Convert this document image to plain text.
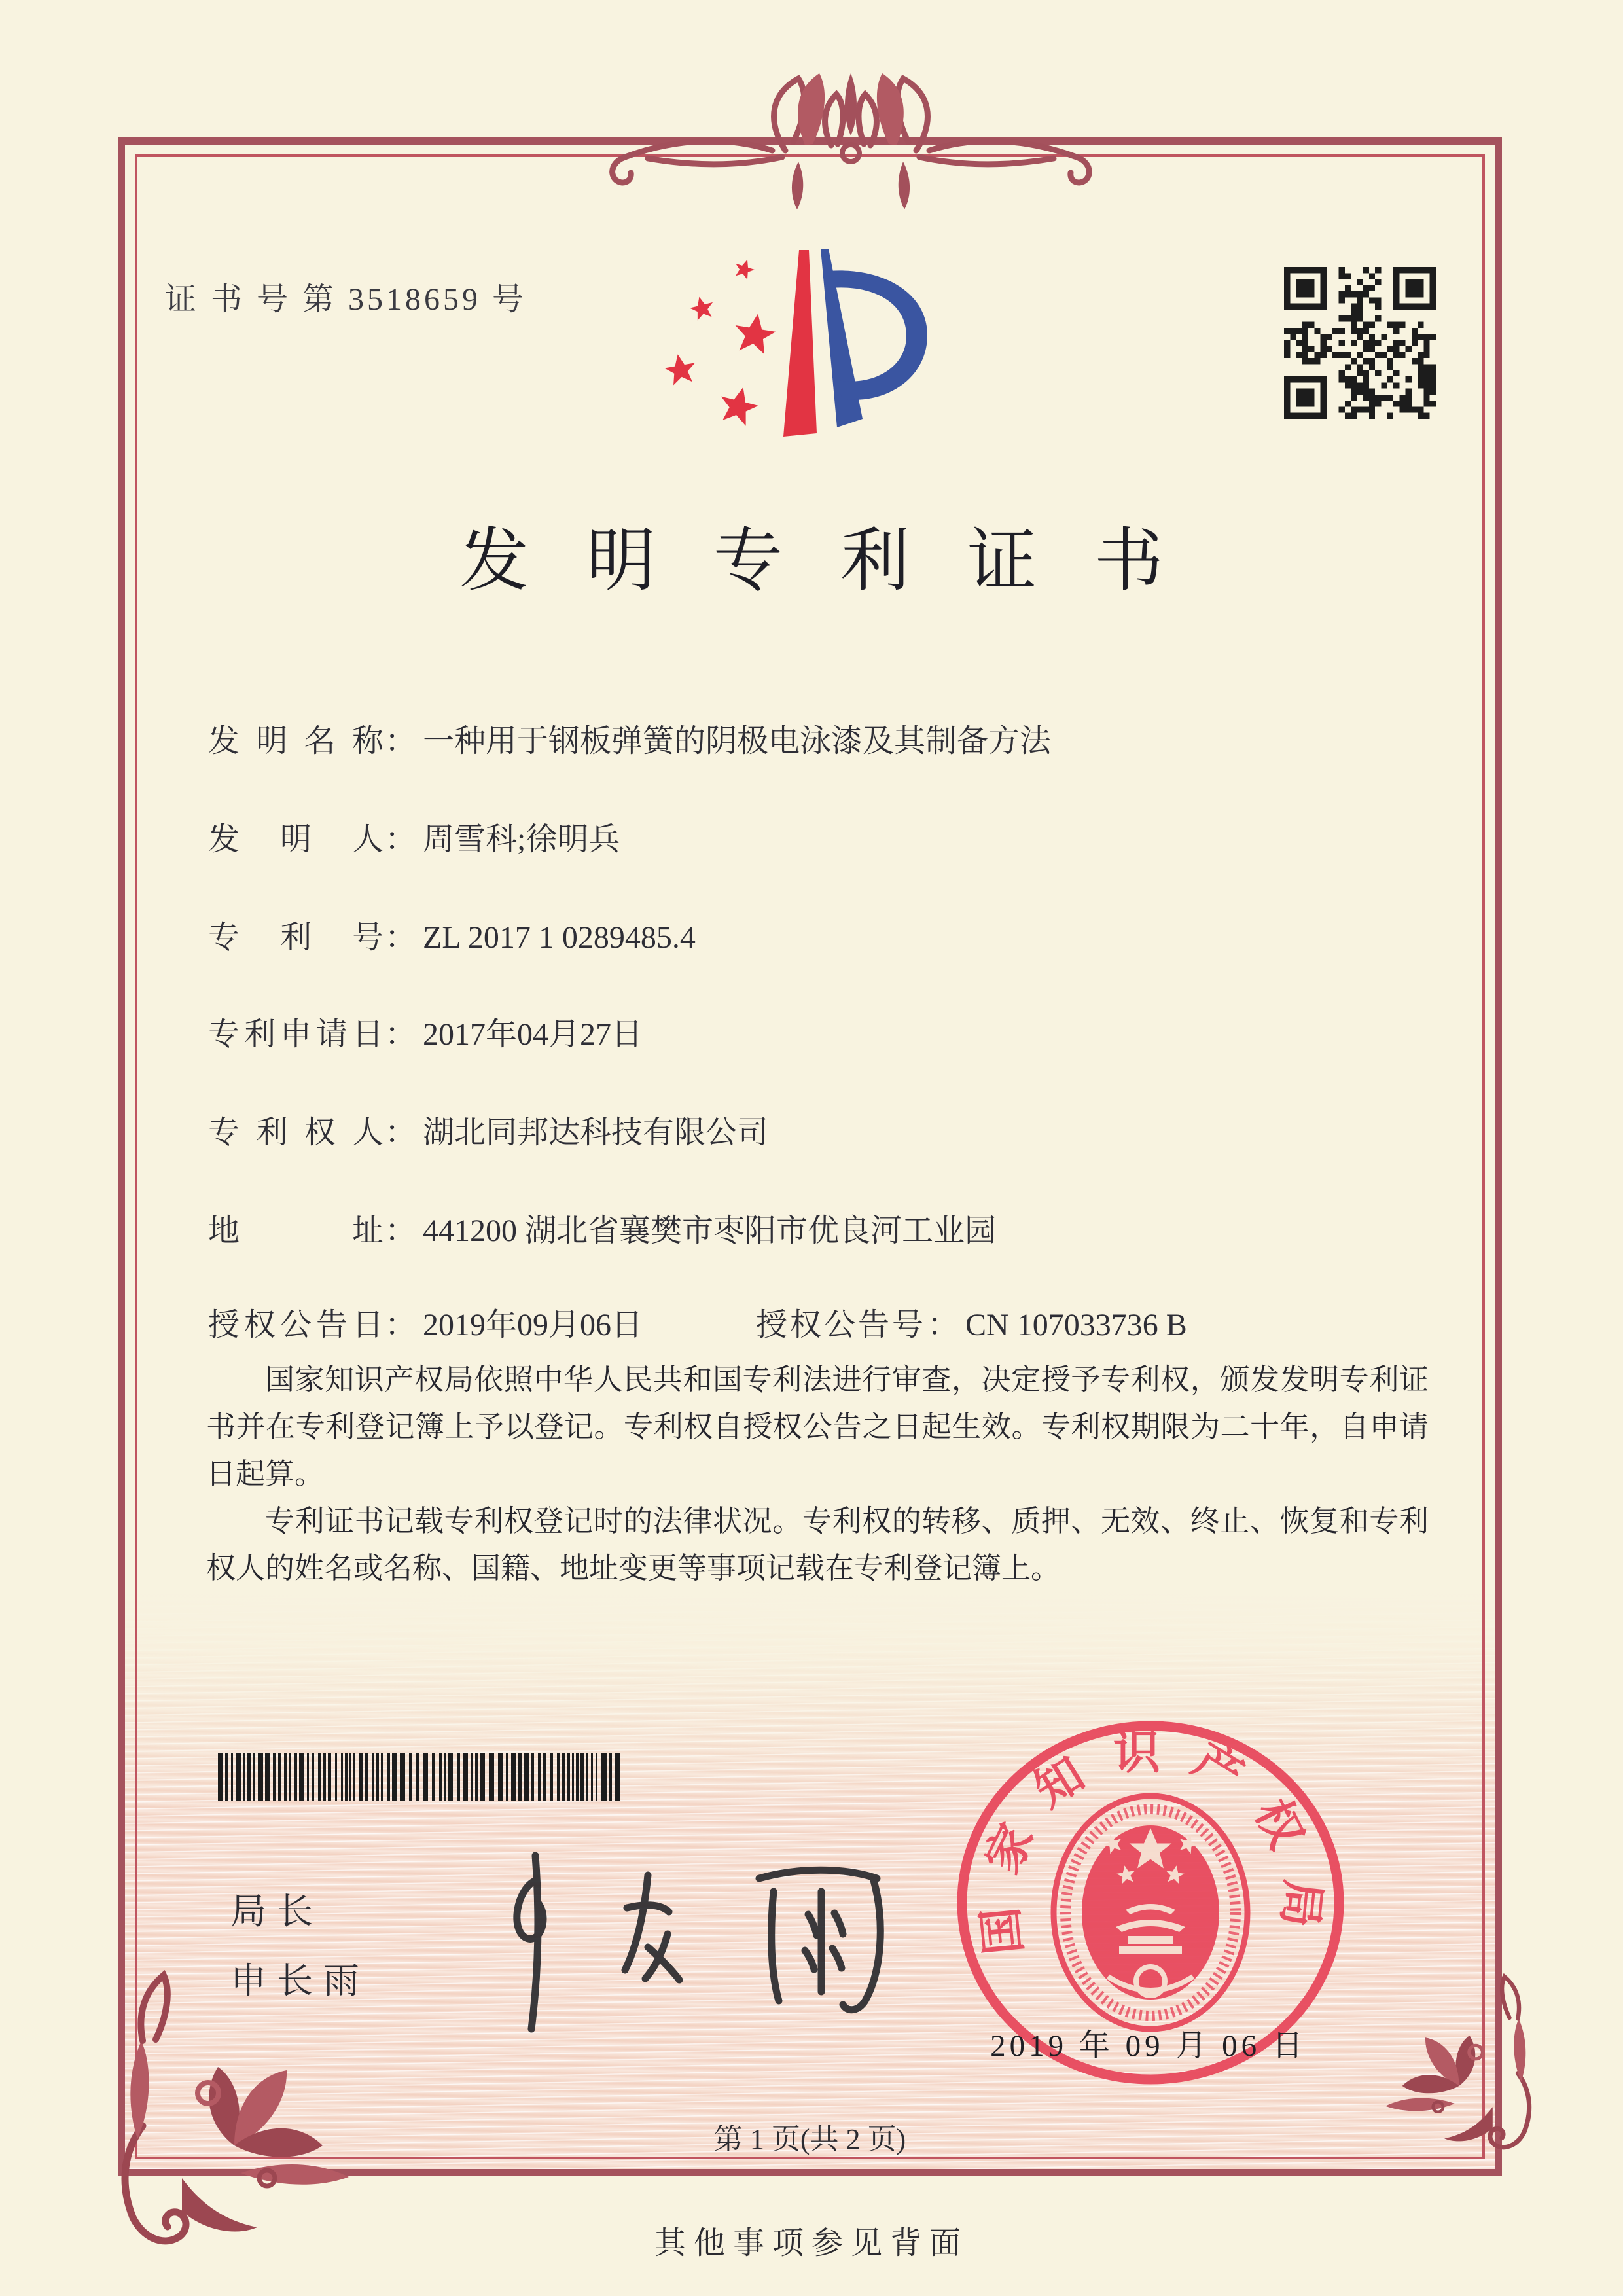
证 书 号 第 3518659 号
发明专利证书
发明名称： 一种用于钢板弹簧的阴极电泳漆及其制备方法
发明人： 周雪科;徐明兵
专利号： ZL 2017 1 0289485.4
专利申请日： 2017年04月27日
专利权人： 湖北同邦达科技有限公司
地址： 441200 湖北省襄樊市枣阳市优良河工业园
授权公告日： 2019年09月06日	授权公告号： CN 107033736 B

国家知识产权局依照中华人民共和国专利法进行审查，决定授予专利权，颁发发明专利证书并在专利登记簿上予以登记。专利权自授权公告之日起生效。专利权期限为二十年，自申请日起算。

专利证书记载专利权登记时的法律状况。专利权的转移、质押、无效、终止、恢复和专利权人的姓名或名称、国籍、地址变更等事项记载在专利登记簿上。

局长
申长雨
国家知识产权局
2019 年 09 月 06 日
第 1 页(共 2 页)
其他事项参见背面
